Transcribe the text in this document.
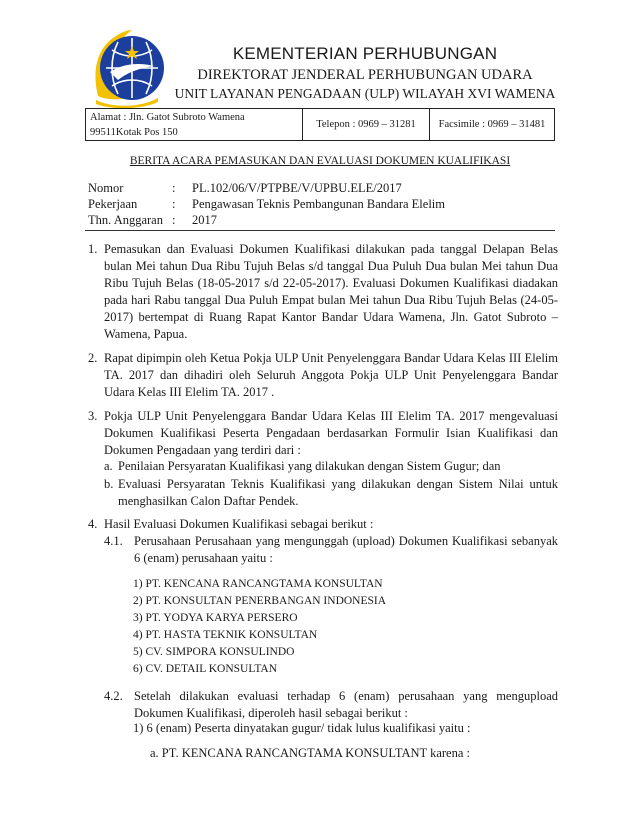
KEMENTERIAN PERHUBUNGAN
DIREKTORAT JENDERAL PERHUBUNGAN UDARA
UNIT LAYANAN PENGADAAN (ULP) WILAYAH XVI WAMENA
Alamat : Jln. Gatot Subroto Wamena
99511Kotak Pos 150
	Telepon : 0969 – 31281	Facsimile : 0969 – 31481
BERITA ACARA PEMASUKAN DAN EVALUASI DOKUMEN KUALIFIKASI
Nomor	: PL.102/06/V/PTPBE/V/UPBU.ELE/2017
Pekerjaan	: Pengawasan Teknis Pembangunan Bandara Elelim
Thn. Anggaran : 2017
1. Pemasukan dan Evaluasi Dokumen Kualifikasi dilakukan pada tanggal Delapan Belas bulan Mei tahun Dua Ribu Tujuh Belas s/d tanggal Dua Puluh Dua bulan Mei tahun Dua Ribu Tujuh Belas (18-05-2017 s/d 22-05-2017). Evaluasi Dokumen Kualifikasi diadakan pada hari Rabu tanggal Dua Puluh Empat bulan Mei tahun Dua Ribu Tujuh Belas (24-05-2017) bertempat di Ruang Rapat Kantor Bandar Udara Wamena, Jln. Gatot Subroto – Wamena, Papua.
2. Rapat dipimpin oleh Ketua Pokja ULP Unit Penyelenggara Bandar Udara Kelas III Elelim TA. 2017 dan dihadiri oleh Seluruh Anggota Pokja ULP Unit Penyelenggara Bandar Udara Kelas III Elelim TA. 2017 .
3. Pokja ULP Unit Penyelenggara Bandar Udara Kelas III Elelim TA. 2017 mengevaluasi Dokumen Kualifikasi Peserta Pengadaan berdasarkan Formulir Isian Kualifikasi dan Dokumen Pengadaan yang terdiri dari :
a. Penilaian Persyaratan Kualifikasi yang dilakukan dengan Sistem Gugur; dan
b. Evaluasi Persyaratan Teknis Kualifikasi yang dilakukan dengan Sistem Nilai untuk menghasilkan Calon Daftar Pendek.
4. Hasil Evaluasi Dokumen Kualifikasi sebagai berikut :
4.1. Perusahaan Perusahaan yang mengunggah (upload) Dokumen Kualifikasi sebanyak 6 (enam) perusahaan yaitu :
1) PT. KENCANA RANCANGTAMA KONSULTAN
2) PT. KONSULTAN PENERBANGAN INDONESIA
3) PT. YODYA KARYA PERSERO
4) PT. HASTA TEKNIK KONSULTAN
5) CV. SIMPORA KONSULINDO
6) CV. DETAIL KONSULTAN
4.2. Setelah dilakukan evaluasi terhadap 6 (enam) perusahaan yang mengupload Dokumen Kualifikasi, diperoleh hasil sebagai berikut :
1) 6 (enam) Peserta dinyatakan gugur/ tidak lulus kualifikasi yaitu :
a. PT. KENCANA RANCANGTAMA KONSULTANT karena :
